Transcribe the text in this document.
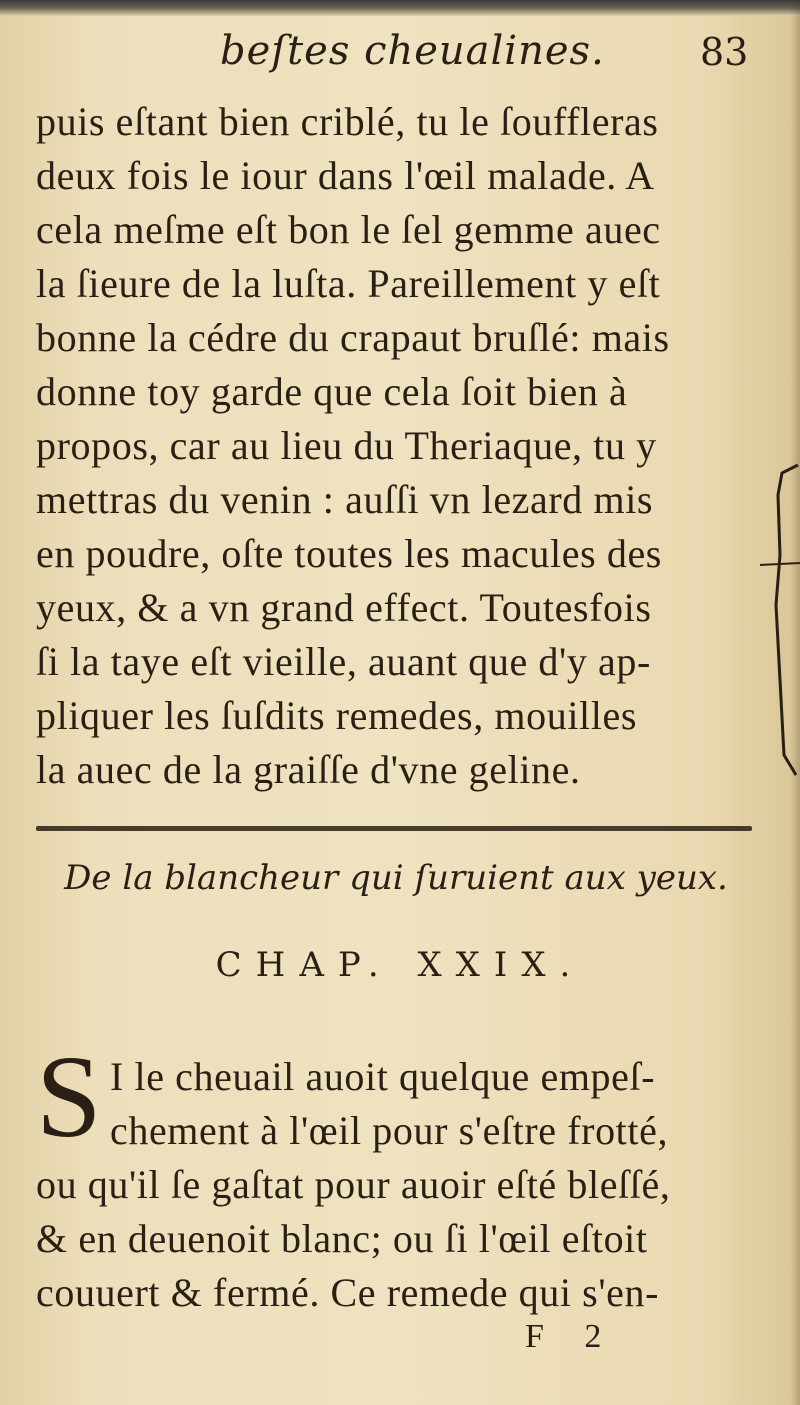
beſtes cheualines.	83
puis eſtant bien criblé, tu le ſouffleras
deux fois le iour dans l'œil malade. A
cela meſme eſt bon le ſel gemme auec
la ſieure de la luſta. Pareillement y eſt
bonne la cédre du crapaut bruſlé: mais
donne toy garde que cela ſoit bien à
propos, car au lieu du Theriaque, tu y
mettras du venin : auſſi vn lezard mis
en poudre, oſte toutes les macules des
yeux, & a vn grand effect. Toutesfois
ſi la taye eſt vieille, auant que d'y ap-
pliquer les ſuſdits remedes, mouilles
la auec de la graiſſe d'vne geline.
De la blancheur qui ſuruient aux yeux.
CHAP. XXIX.
S I le cheuail auoit quelque empeſ-
chement à l'œil pour s'eſtre frotté,
ou qu'il ſe gaſtat pour auoir eſté bleſſé,
& en deuenoit blanc; ou ſi l'œil eſtoit
couuert & fermé. Ce remede qui s'en-
F 2
